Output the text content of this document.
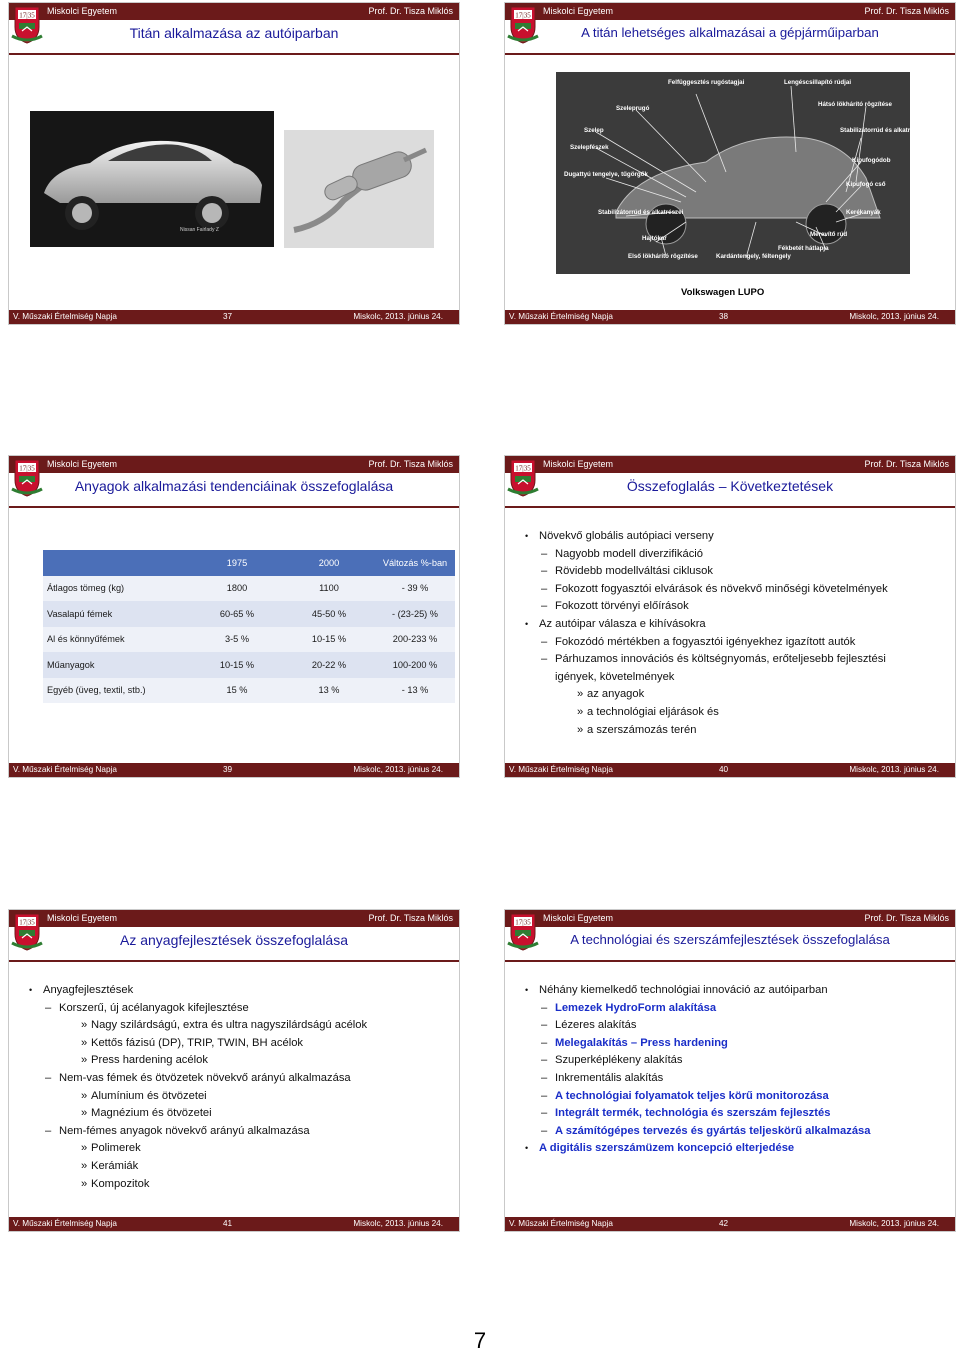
Miskolci Egyetem	Prof. Dr. Tisza Miklós
Titán alkalmazása az autóiparban
Nissan Fairlady Z
V. Műszaki Értelmiség Napja	37	Miskolc, 2013. június 24.
Miskolci Egyetem	Prof. Dr. Tisza Miklós
A titán lehetséges alkalmazásai a gépjárműiparban
Felfüggesztés rugóstagjai	Lengéscsillapító rúdjai
Szeleprugó
Hátsó lökhárító rögzítése
Szelep	Stabilizátorrúd és alkatrészei
Szelepfészek
Kipufogódob
Dugattyú tengelye, tűgörgők
Kipufogó cső
Stabilizátorrúd és alkatrészei	Kerékanyák
Hajtókar
Merevítő rúd
Első lökhárító rögzítése	Kardántengely, féltengely
Fékbetét hátlapja
Volkswagen LUPO
V. Műszaki Értelmiség Napja	38	Miskolc, 2013. június 24.
Miskolci Egyetem	Prof. Dr. Tisza Miklós
Anyagok alkalmazási tendenciáinak összefoglalása
	1975	2000	Változás %-ban
Átlagos tömeg (kg)	1800	1100	- 39 %
Vasalapú fémek	60-65 %	45-50 %	- (23-25) %
Al és könnyűfémek	3-5 %	10-15 %	200-233 %
Műanyagok	10-15 %	20-22 %	100-200 %
Egyéb (üveg, textil, stb.)	15 %	13 %	- 13 %
V. Műszaki Értelmiség Napja	39	Miskolc, 2013. június 24.
Miskolci Egyetem	Prof. Dr. Tisza Miklós
Összefoglalás – Következtetések
• Növekvő globális autópiaci verseny
– Nagyobb modell diverzifikáció
– Rövidebb modellváltási ciklusok
– Fokozott fogyasztói elvárások és növekvő minőségi követelmények
– Fokozott törvényi előírások
• Az autóipar válasza e kihívásokra
– Fokozódó mértékben a fogyasztói igényekhez igazított autók
– Párhuzamos innovációs és költségnyomás, erőteljesebb fejlesztési
igények, követelmények
» az anyagok
» a technológiai eljárások és
» a szerszámozás terén
V. Műszaki Értelmiség Napja	40	Miskolc, 2013. június 24.
Miskolci Egyetem	Prof. Dr. Tisza Miklós
Az anyagfejlesztések összefoglalása
• Anyagfejlesztések
– Korszerű, új acélanyagok kifejlesztése
» Nagy szilárdságú, extra és ultra nagyszilárdságú acélok
» Kettős fázisú (DP), TRIP, TWIN, BH acélok
» Press hardening acélok
– Nem-vas fémek és ötvözetek növekvő arányú alkalmazása
» Alumínium és ötvözetei
» Magnézium és ötvözetei
– Nem-fémes anyagok növekvő arányú alkalmazása
» Polimerek
» Kerámiák
» Kompozitok
V. Műszaki Értelmiség Napja	41	Miskolc, 2013. június 24.
Miskolci Egyetem	Prof. Dr. Tisza Miklós
A technológiai és szerszámfejlesztések összefoglalása
• Néhány kiemelkedő technológiai innováció az autóiparban
– Lemezek HydroForm alakítása
– Lézeres alakítás
– Melegalakítás – Press hardening
– Szuperképlékeny alakítás
– Inkrementális alakítás
– A technológiai folyamatok teljes körű monitorozása
– Integrált termék, technológia és szerszám fejlesztés
– A számítógépes tervezés és gyártás teljeskörű alkalmazása
• A digitális szerszámüzem koncepció elterjedése
V. Műszaki Értelmiség Napja	42	Miskolc, 2013. június 24.
7
